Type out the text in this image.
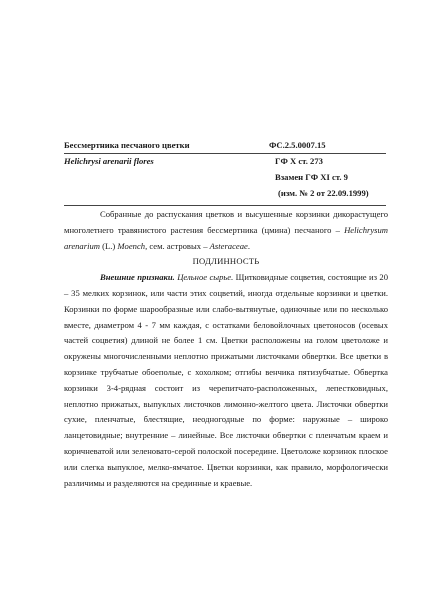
Бессмертника песчаного цветки
Helichrysi arenarii flores
ФС.2.5.0007.15
ГФ X ст. 273
Взамен ГФ XI ст. 9
(изм. № 2 от 22.09.1999)

Собранные до распускания цветков и высушенные корзинки дикорастущего многолетнего травянистого растения бессмертника (цмина) песчаного – Helichrysum arenarium (L.) Moench, сем. астровых – Asteraceae.

ПОДЛИННОСТЬ

Внешние признаки. Цельное сырье. Щитковидные соцветия, состоящие из 20 – 35 мелких корзинок, или части этих соцветий, иногда отдельные корзинки и цветки. Корзинки по форме шарообразные или слабо-вытянутые, одиночные или по несколько вместе, диаметром 4 - 7 мм каждая, с остатками беловойлочных цветоносов (осевых частей соцветия) длиной не более 1 см. Цветки расположены на голом цветоложе и окружены многочисленными неплотно прижатыми листочками обвертки. Все цветки в корзинке трубчатые обоеполые, с хохолком; отгибы венчика пятизубчатые. Обвертка корзинки 3-4-рядная состоит из черепитчато-расположенных, лепестковидных, неплотно прижатых, выпуклых листочков лимонно-желтого цвета. Листочки обвертки сухие, пленчатые, блестящие, неодногодные по форме: наружные – широко ланцетовидные; внутренние – линейные. Все листочки обвертки с пленчатым краем и коричневатой или зеленовато-серой полоской посередине. Цветоложе корзинок плоское или слегка выпуклое, мелко-ямчатое. Цветки корзинки, как правило, морфологически различимы и разделяются на срединные и краевые.
